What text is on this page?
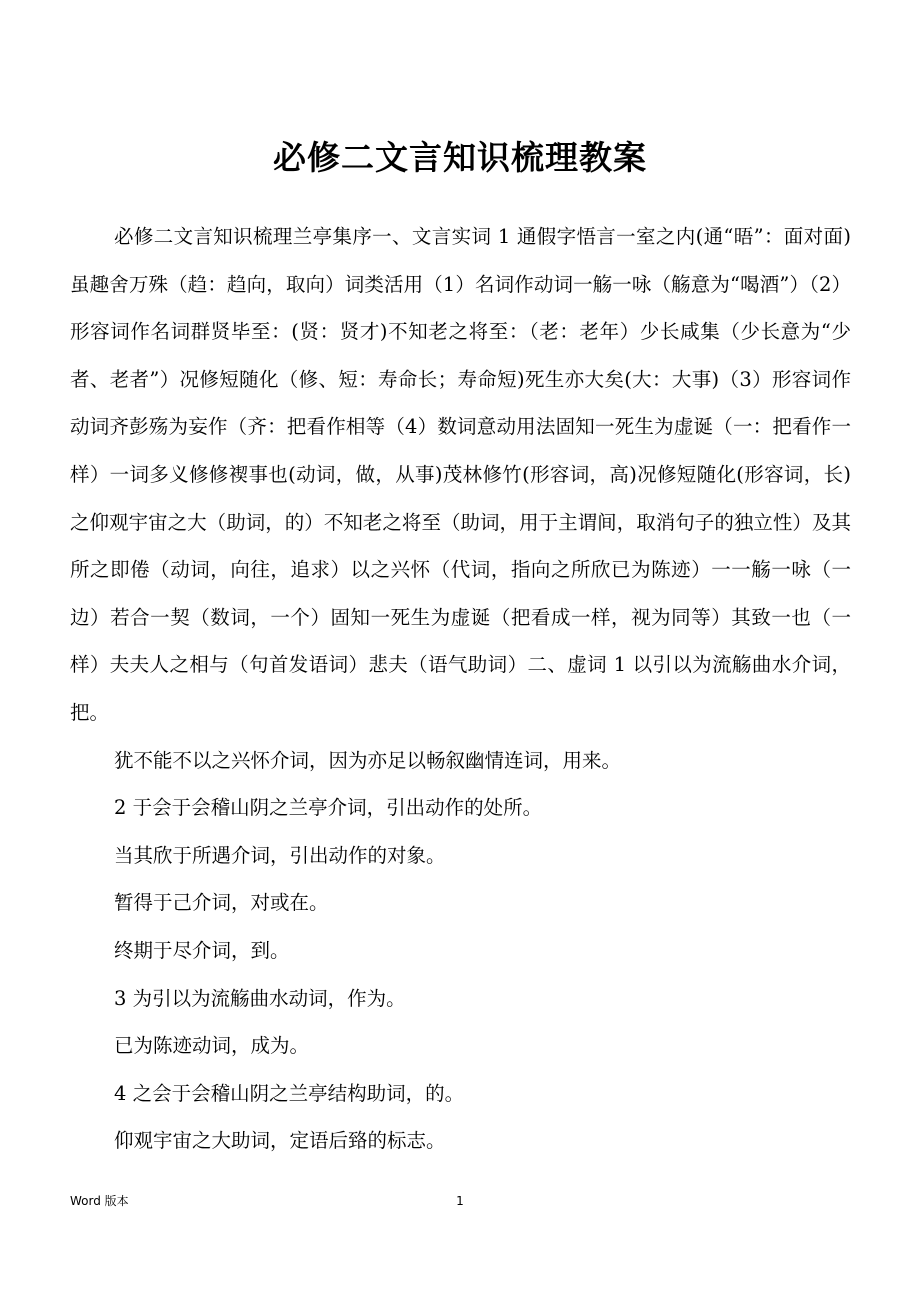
必修二文言知识梳理教案

必修二文言知识梳理兰亭集序一、文言实词 1 通假字悟言一室之内(通“晤”：面对面)虽趣舍万殊（趋：趋向，取向）词类活用（1）名词作动词一觞一咏（觞意为“喝酒”）（2）形容词作名词群贤毕至：(贤：贤才)不知老之将至：（老：老年）少长咸集（少长意为“少者、老者”）况修短随化（修、短：寿命长；寿命短)死生亦大矣(大：大事)（3）形容词作动词齐彭殇为妄作（齐：把看作相等（4）数词意动用法固知一死生为虚诞（一：把看作一样）一词多义修修褉事也(动词，做，从事)茂林修竹(形容词，高)况修短随化(形容词，长)之仰观宇宙之大（助词，的）不知老之将至（助词，用于主谓间，取消句子的独立性）及其所之即倦（动词，向往，追求）以之兴怀（代词，指向之所欣已为陈迹）一一觞一咏（一边）若合一契（数词，一个）固知一死生为虚诞（把看成一样，视为同等）其致一也（一样）夫夫人之相与（句首发语词）悲夫（语气助词）二、虚词 1 以引以为流觞曲水介词，把。

犹不能不以之兴怀介词，因为亦足以畅叙幽情连词，用来。

2 于会于会稽山阴之兰亭介词，引出动作的处所。

当其欣于所遇介词，引出动作的对象。

暂得于己介词，对或在。

终期于尽介词，到。

3 为引以为流觞曲水动词，作为。

已为陈迹动词，成为。

4 之会于会稽山阴之兰亭结构助词，的。

仰观宇宙之大助词，定语后臵的标志。

Word 版本	1
